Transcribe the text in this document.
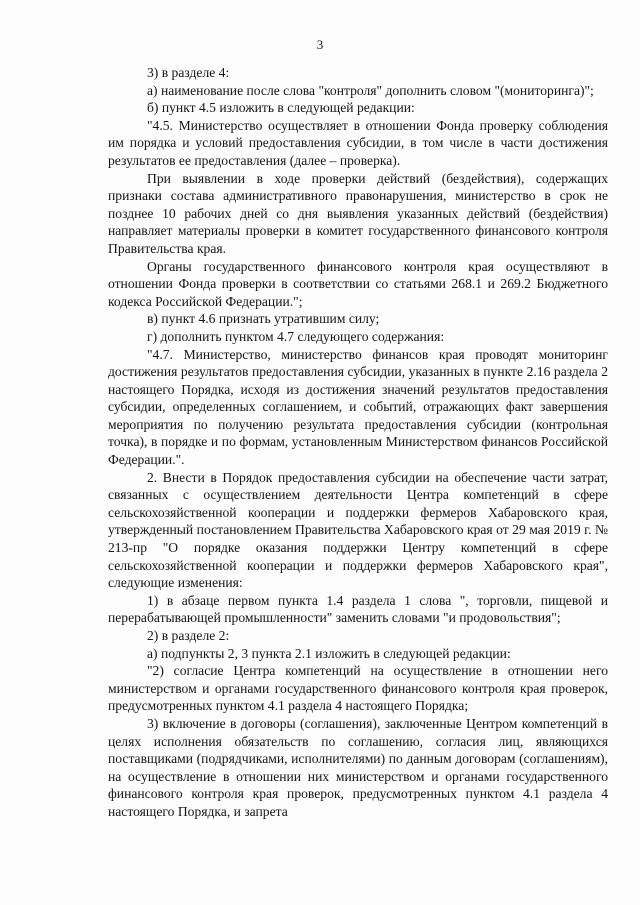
3

3) в разделе 4:

а) наименование после слова "контроля" дополнить словом "(мониторинга)";

б) пункт 4.5 изложить в следующей редакции:

"4.5. Министерство осуществляет в отношении Фонда проверку соблюдения им порядка и условий предоставления субсидии, в том числе в части достижения результатов ее предоставления (далее – проверка).

При выявлении в ходе проверки действий (бездействия), содержащих признаки состава административного правонарушения, министерство в срок не позднее 10 рабочих дней со дня выявления указанных действий (бездействия) направляет материалы проверки в комитет государственного финансового контроля Правительства края.

Органы государственного финансового контроля края осуществляют в отношении Фонда проверки в соответствии со статьями 268.1 и 269.2 Бюджетного кодекса Российской Федерации.";

в) пункт 4.6 признать утратившим силу;

г) дополнить пунктом 4.7 следующего содержания:

"4.7. Министерство, министерство финансов края проводят мониторинг достижения результатов предоставления субсидии, указанных в пункте 2.16 раздела 2 настоящего Порядка, исходя из достижения значений результатов предоставления субсидии, определенных соглашением, и событий, отражающих факт завершения мероприятия по получению результата предоставления субсидии (контрольная точка), в порядке и по формам, установленным Министерством финансов Российской Федерации.".

2. Внести в Порядок предоставления субсидии на обеспечение части затрат, связанных с осуществлением деятельности Центра компетенций в сфере сельскохозяйственной кооперации и поддержки фермеров Хабаровского края, утвержденный постановлением Правительства Хабаровского края от 29 мая 2019 г. № 213-пр "О порядке оказания поддержки Центру компетенций в сфере сельскохозяйственной кооперации и поддержки фермеров Хабаровского края", следующие изменения:

1) в абзаце первом пункта 1.4 раздела 1 слова ", торговли, пищевой и перерабатывающей промышленности" заменить словами "и продовольствия";

2) в разделе 2:

а) подпункты 2, 3 пункта 2.1 изложить в следующей редакции:

"2) согласие Центра компетенций на осуществление в отношении него министерством и органами государственного финансового контроля края проверок, предусмотренных пунктом 4.1 раздела 4 настоящего Порядка;

3) включение в договоры (соглашения), заключенные Центром компетенций в целях исполнения обязательств по соглашению, согласия лиц, являющихся поставщиками (подрядчиками, исполнителями) по данным договорам (соглашениям), на осуществление в отношении них министерством и органами государственного финансового контроля края проверок, предусмотренных пунктом 4.1 раздела 4 настоящего Порядка, и запрета
